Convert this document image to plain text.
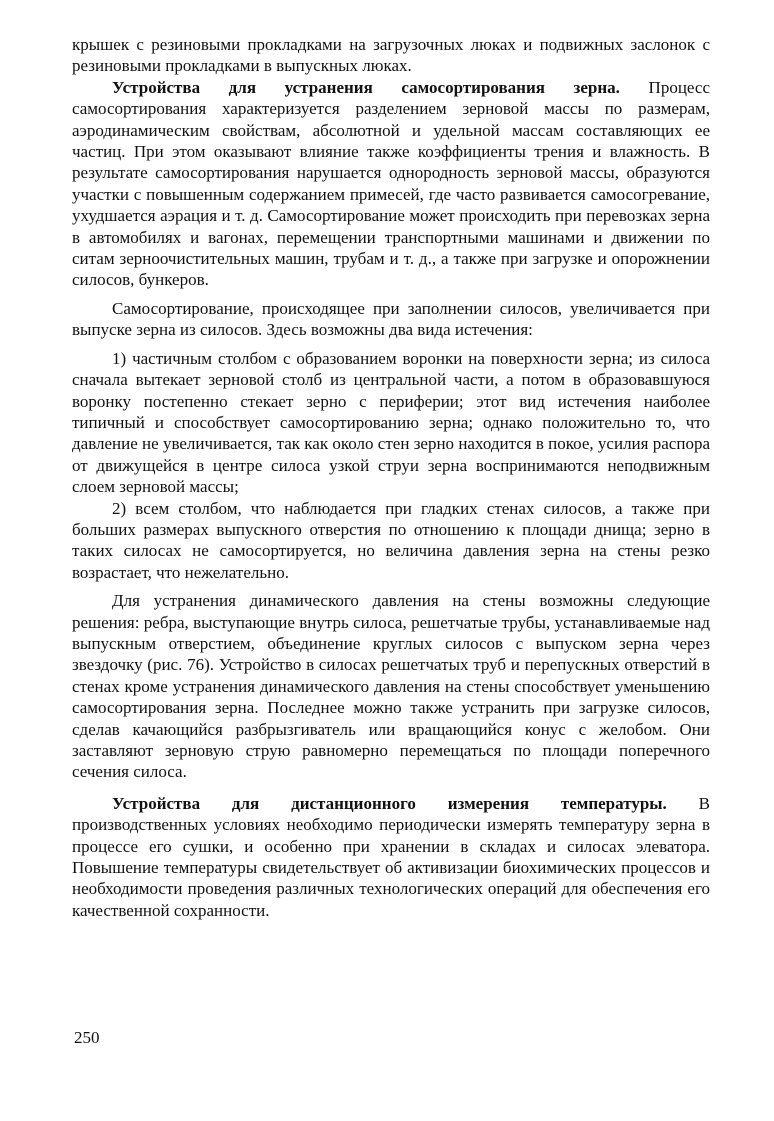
крышек с резиновыми прокладками на загрузочных люках и подвижных заслонок с резиновыми прокладками в выпускных люках.

Устройства для устранения самосортирования зерна. Процесс самосортирования характеризуется разделением зерновой массы по размерам, аэродинамическим свойствам, абсолютной и удельной массам составляющих ее частиц. При этом оказывают влияние также коэффициенты трения и влажность. В результате самосортирования нарушается однородность зерновой массы, образуются участки с повышенным содержанием примесей, где часто развивается самосогревание, ухудшается аэрация и т. д. Самосортирование может происходить при перевозках зерна в автомобилях и вагонах, перемещении транспортными машинами и движении по ситам зерноочистительных машин, трубам и т. д., а также при загрузке и опорожнении силосов, бункеров.

Самосортирование, происходящее при заполнении силосов, увеличивается при выпуске зерна из силосов. Здесь возможны два вида истечения:

1) частичным столбом с образованием воронки на поверхности зерна; из силоса сначала вытекает зерновой столб из центральной части, а потом в образовавшуюся воронку постепенно стекает зерно с периферии; этот вид истечения наиболее типичный и способствует самосортированию зерна; однако положительно то, что давление не увеличивается, так как около стен зерно находится в покое, усилия распора от движущейся в центре силоса узкой струи зерна воспринимаются неподвижным слоем зерновой массы;

2) всем столбом, что наблюдается при гладких стенах силосов, а также при больших размерах выпускного отверстия по отношению к площади днища; зерно в таких силосах не самосортируется, но величина давления зерна на стены резко возрастает, что нежелательно.

Для устранения динамического давления на стены возможны следующие решения: ребра, выступающие внутрь силоса, решетчатые трубы, устанавливаемые над выпускным отверстием, объединение круглых силосов с выпуском зерна через звездочку (рис. 76). Устройство в силосах решетчатых труб и перепускных отверстий в стенах кроме устранения динамического давления на стены способствует уменьшению самосортирования зерна. Последнее можно также устранить при загрузке силосов, сделав качающийся разбрызгиватель или вращающийся конус с желобом. Они заставляют зерновую струю равномерно перемещаться по площади поперечного сечения силоса.

Устройства для дистанционного измерения температуры. В производственных условиях необходимо периодически измерять температуру зерна в процессе его сушки, и особенно при хранении в складах и силосах элеватора. Повышение температуры свидетельствует об активизации биохимических процессов и необходимости проведения различных технологических операций для обеспечения его качественной сохранности.

250
